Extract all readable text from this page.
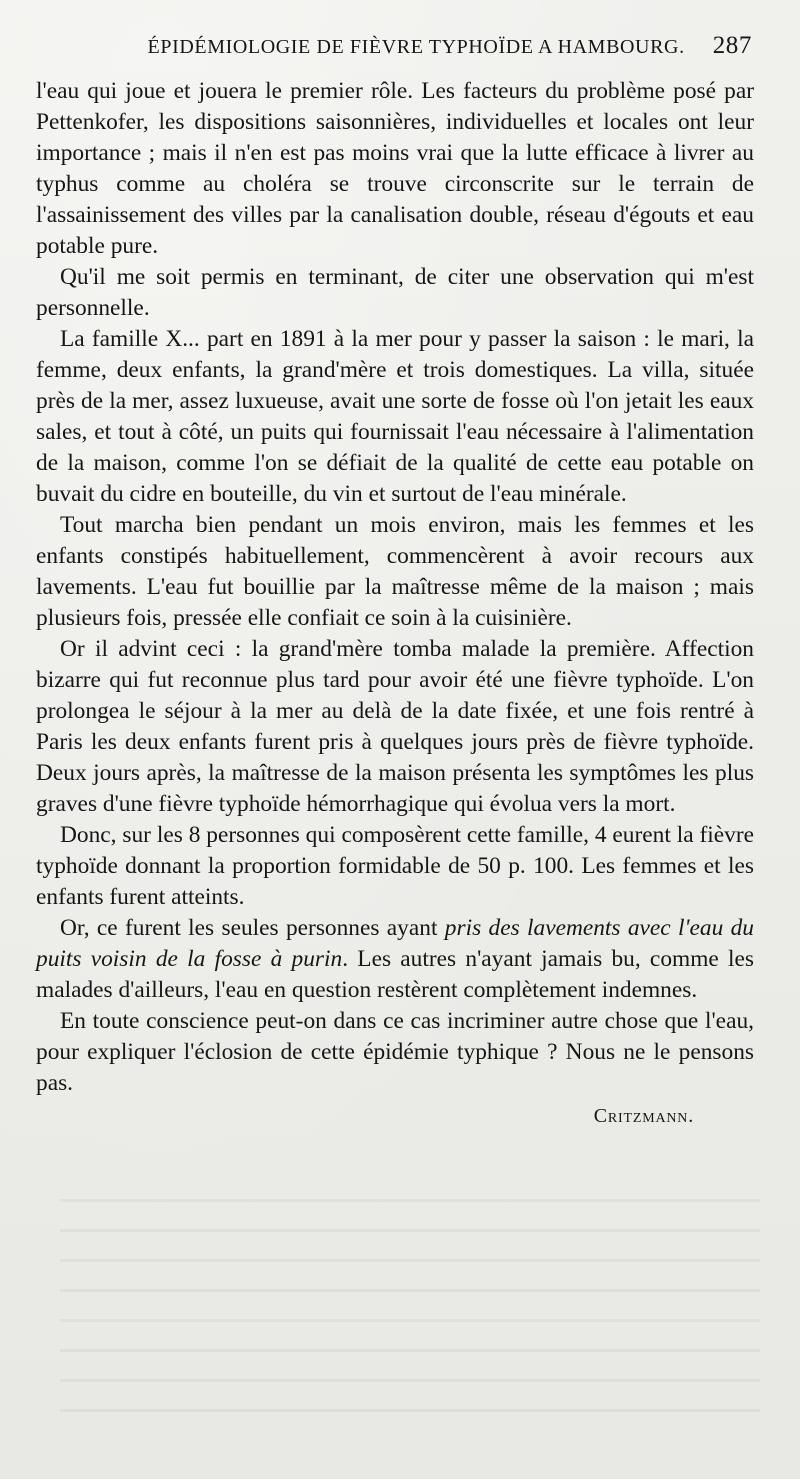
ÉPIDÉMIOLOGIE DE FIÈVRE TYPHOÏDE A HAMBOURG. 287

l'eau qui joue et jouera le premier rôle. Les facteurs du problème posé par Pettenkofer, les dispositions saisonnières, individuelles et locales ont leur importance ; mais il n'en est pas moins vrai que la lutte efficace à livrer au typhus comme au choléra se trouve circonscrite sur le terrain de l'assainissement des villes par la canalisation double, réseau d'égouts et eau potable pure.

Qu'il me soit permis en terminant, de citer une observation qui m'est personnelle.

La famille X... part en 1891 à la mer pour y passer la saison : le mari, la femme, deux enfants, la grand'mère et trois domestiques. La villa, située près de la mer, assez luxueuse, avait une sorte de fosse où l'on jetait les eaux sales, et tout à côté, un puits qui fournissait l'eau nécessaire à l'alimentation de la maison, comme l'on se défiait de la qualité de cette eau potable on buvait du cidre en bouteille, du vin et surtout de l'eau minérale.

Tout marcha bien pendant un mois environ, mais les femmes et les enfants constipés habituellement, commencèrent à avoir recours aux lavements. L'eau fut bouillie par la maîtresse même de la maison ; mais plusieurs fois, pressée elle confiait ce soin à la cuisinière.

Or il advint ceci : la grand'mère tomba malade la première. Affection bizarre qui fut reconnue plus tard pour avoir été une fièvre typhoïde. L'on prolongea le séjour à la mer au delà de la date fixée, et une fois rentré à Paris les deux enfants furent pris à quelques jours près de fièvre typhoïde. Deux jours après, la maîtresse de la maison présenta les symptômes les plus graves d'une fièvre typhoïde hémorrhagique qui évolua vers la mort.

Donc, sur les 8 personnes qui composèrent cette famille, 4 eurent la fièvre typhoïde donnant la proportion formidable de 50 p. 100. Les femmes et les enfants furent atteints.

Or, ce furent les seules personnes ayant pris des lavements avec l'eau du puits voisin de la fosse à purin. Les autres n'ayant jamais bu, comme les malades d'ailleurs, l'eau en question restèrent complètement indemnes.

En toute conscience peut-on dans ce cas incriminer autre chose que l'eau, pour expliquer l'éclosion de cette épidémie typhique ? Nous ne le pensons pas.

Critzmann.
